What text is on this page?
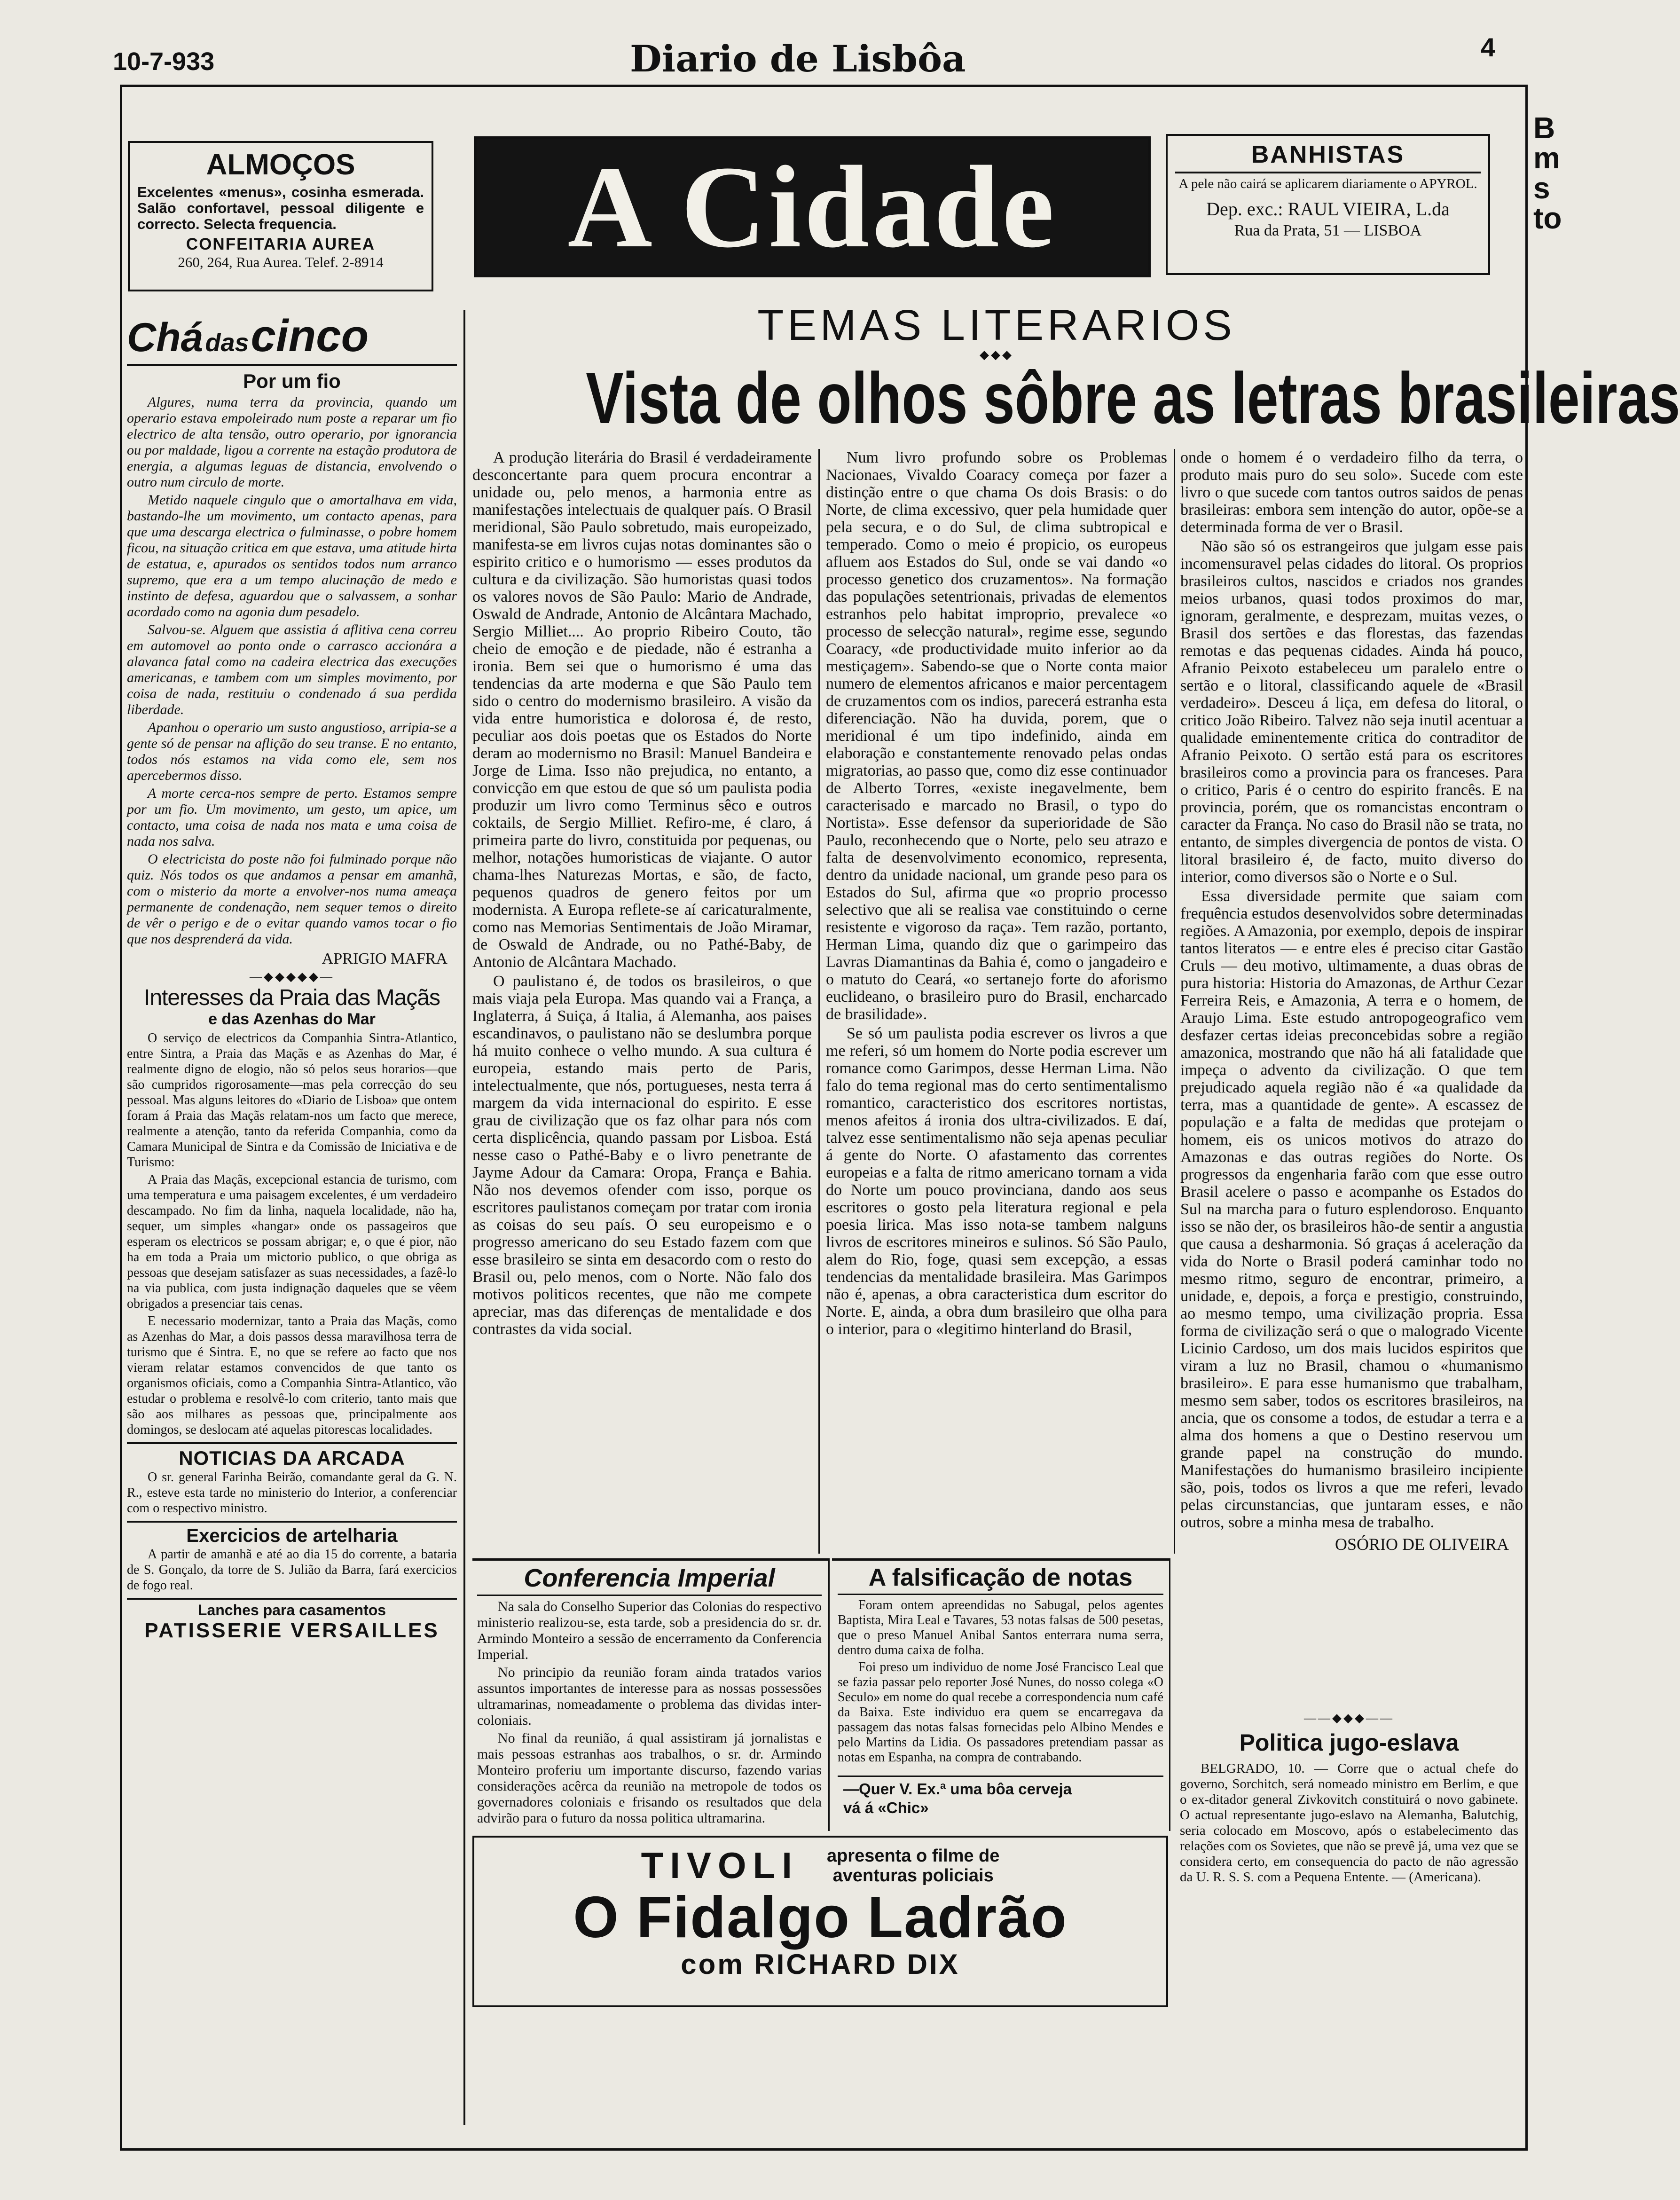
10-7-933	Diario de Lisbôa	4
B
m
s
to
ALMOÇOS
Excelentes «menus», cosinha esmerada. Salão confortavel, pessoal diligente e correcto. Selecta frequencia.
CONFEITARIA AUREA
260, 264, Rua Aurea. Telef. 2-8914	A Cidade	BANHISTAS
A pele não cairá se aplicarem diariamente o APYROL.
Dep. exc.: RAUL VIEIRA, L.da
Rua da Prata, 51 — LISBOA
Chá das cinco
Por um fio

Algures, numa terra da provincia, quando um operario estava empoleirado num poste a reparar um fio electrico de alta tensão, outro operario, por ignorancia ou por maldade, ligou a corrente na estação produtora de energia, a algumas leguas de distancia, envolvendo o outro num circulo de morte.

Metido naquele cingulo que o amortalhava em vida, bastando-lhe um movimento, um contacto apenas, para que uma descarga electrica o fulminasse, o pobre homem ficou, na situação critica em que estava, uma atitude hirta de estatua, e, apurados os sentidos todos num arranco supremo, que era a um tempo alucinação de medo e instinto de defesa, aguardou que o salvassem, a sonhar acordado como na agonia dum pesadelo.

Salvou-se. Alguem que assistia á aflitiva cena correu em automovel ao ponto onde o carrasco accionára a alavanca fatal como na cadeira electrica das execuções americanas, e tambem com um simples movimento, por coisa de nada, restituiu o condenado á sua perdida liberdade.

Apanhou o operario um susto angustioso, arripia-se a gente só de pensar na aflição do seu transe. E no entanto, todos nós estamos na vida como ele, sem nos apercebermos disso.

A morte cerca-nos sempre de perto. Estamos sempre por um fio. Um movimento, um gesto, um apice, um contacto, uma coisa de nada nos mata e uma coisa de nada nos salva.

O electricista do poste não foi fulminado porque não quiz. Nós todos os que andamos a pensar em amanhã, com o misterio da morte a envolver-nos numa ameaça permanente de condenação, nem sequer temos o direito de vêr o perigo e de o evitar quando vamos tocar o fio que nos desprenderá da vida.

APRIGIO MAFRA
—◆◆◆◆◆—
Interesses da Praia das Maçãs
e das Azenhas do Mar

O serviço de electricos da Companhia Sintra-Atlantico, entre Sintra, a Praia das Maçãs e as Azenhas do Mar, é realmente digno de elogio, não só pelos seus horarios—que são cumpridos rigorosamente—mas pela correcção do seu pessoal. Mas alguns leitores do «Diario de Lisboa» que ontem foram á Praia das Maçãs relatam-nos um facto que merece, realmente a atenção, tanto da referida Companhia, como da Camara Municipal de Sintra e da Comissão de Iniciativa e de Turismo:

A Praia das Maçãs, excepcional estancia de turismo, com uma temperatura e uma paisagem excelentes, é um verdadeiro descampado. No fim da linha, naquela localidade, não ha, sequer, um simples «hangar» onde os passageiros que esperam os electricos se possam abrigar; e, o que é pior, não ha em toda a Praia um mictorio publico, o que obriga as pessoas que desejam satisfazer as suas necessidades, a fazê-lo na via publica, com justa indignação daqueles que se vêem obrigados a presenciar tais cenas.

E necessario modernizar, tanto a Praia das Maçãs, como as Azenhas do Mar, a dois passos dessa maravilhosa terra de turismo que é Sintra. E, no que se refere ao facto que nos vieram relatar estamos convencidos de que tanto os organismos oficiais, como a Companhia Sintra-Atlantico, vão estudar o problema e resolvê-lo com criterio, tanto mais que são aos milhares as pessoas que, principalmente aos domingos, se deslocam até aquelas pitorescas localidades.

NOTICIAS DA ARCADA

O sr. general Farinha Beirão, comandante geral da G. N. R., esteve esta tarde no ministerio do Interior, a conferenciar com o respectivo ministro.

Exercicios de artelharia

A partir de amanhã e até ao dia 15 do corrente, a bataria de S. Gonçalo, da torre de S. Julião da Barra, fará exercicios de fogo real.

Lanches para casamentos
PATISSERIE VERSAILLES
TEMAS LITERARIOS
◆◆◆
Vista de olhos sôbre as letras brasileiras

A produção literária do Brasil é verdadeiramente desconcertante para quem procura encontrar a unidade ou, pelo menos, a harmonia entre as manifestações intelectuais de qualquer país. O Brasil meridional, São Paulo sobretudo, mais europeizado, manifesta-se em livros cujas notas dominantes são o espirito critico e o humorismo — esses produtos da cultura e da civilização. São humoristas quasi todos os valores novos de São Paulo: Mario de Andrade, Oswald de Andrade, Antonio de Alcântara Machado, Sergio Milliet.... Ao proprio Ribeiro Couto, tão cheio de emoção e de piedade, não é estranha a ironia. Bem sei que o humorismo é uma das tendencias da arte moderna e que São Paulo tem sido o centro do modernismo brasileiro. A visão da vida entre humoristica e dolorosa é, de resto, peculiar aos dois poetas que os Estados do Norte deram ao modernismo no Brasil: Manuel Bandeira e Jorge de Lima. Isso não prejudica, no entanto, a convicção em que estou de que só um paulista podia produzir um livro como Terminus sêco e outros coktails, de Sergio Milliet. Refiro-me, é claro, á primeira parte do livro, constituida por pequenas, ou melhor, notações humoristicas de viajante. O autor chama-lhes Naturezas Mortas, e são, de facto, pequenos quadros de genero feitos por um modernista. A Europa reflete-se aí caricaturalmente, como nas Memorias Sentimentais de João Miramar, de Oswald de Andrade, ou no Pathé-Baby, de Antonio de Alcântara Machado.

O paulistano é, de todos os brasileiros, o que mais viaja pela Europa. Mas quando vai a França, a Inglaterra, á Suiça, á Italia, á Alemanha, aos paises escandinavos, o paulistano não se deslumbra porque há muito conhece o velho mundo. A sua cultura é europeia, estando mais perto de Paris, intelectualmente, que nós, portugueses, nesta terra á margem da vida internacional do espirito. E esse grau de civilização que os faz olhar para nós com certa displicência, quando passam por Lisboa. Está nesse caso o Pathé-Baby e o livro penetrante de Jayme Adour da Camara: Oropa, França e Bahia. Não nos devemos ofender com isso, porque os escritores paulistanos começam por tratar com ironia as coisas do seu país. O seu europeismo e o progresso americano do seu Estado fazem com que esse brasileiro se sinta em desacordo com o resto do Brasil ou, pelo menos, com o Norte. Não falo dos motivos politicos recentes, que não me compete apreciar, mas das diferenças de mentalidade e dos contrastes da vida social.

Num livro profundo sobre os Problemas Nacionaes, Vivaldo Coaracy começa por fazer a distinção entre o que chama Os dois Brasis: o do Norte, de clima excessivo, quer pela humidade quer pela secura, e o do Sul, de clima subtropical e temperado. Como o meio é propicio, os europeus afluem aos Estados do Sul, onde se vai dando «o processo genetico dos cruzamentos». Na formação das populações setentrionais, privadas de elementos estranhos pelo habitat improprio, prevalece «o processo de selecção natural», regime esse, segundo Coaracy, «de productividade muito inferior ao da mestiçagem». Sabendo-se que o Norte conta maior numero de elementos africanos e maior percentagem de cruzamentos com os indios, parecerá estranha esta diferenciação. Não ha duvida, porem, que o meridional é um tipo indefinido, ainda em elaboração e constantemente renovado pelas ondas migratorias, ao passo que, como diz esse continuador de Alberto Torres, «existe inegavelmente, bem caracterisado e marcado no Brasil, o typo do Nortista». Esse defensor da superioridade de São Paulo, reconhecendo que o Norte, pelo seu atrazo e falta de desenvolvimento economico, representa, dentro da unidade nacional, um grande peso para os Estados do Sul, afirma que «o proprio processo selectivo que ali se realisa vae constituindo o cerne resistente e vigoroso da raça». Tem razão, portanto, Herman Lima, quando diz que o garimpeiro das Lavras Diamantinas da Bahia é, como o jangadeiro e o matuto do Ceará, «o sertanejo forte do aforismo euclideano, o brasileiro puro do Brasil, encharcado de brasilidade».

Se só um paulista podia escrever os livros a que me referi, só um homem do Norte podia escrever um romance como Garimpos, desse Herman Lima. Não falo do tema regional mas do certo sentimentalismo romantico, caracteristico dos escritores nortistas, menos afeitos á ironia dos ultra-civilizados. E daí, talvez esse sentimentalismo não seja apenas peculiar á gente do Norte. O afastamento das correntes europeias e a falta de ritmo americano tornam a vida do Norte um pouco provinciana, dando aos seus escritores o gosto pela literatura regional e pela poesia lirica. Mas isso nota-se tambem nalguns livros de escritores mineiros e sulinos. Só São Paulo, alem do Rio, foge, quasi sem excepção, a essas tendencias da mentalidade brasileira. Mas Garimpos não é, apenas, a obra caracteristica dum escritor do Norte. E, ainda, a obra dum brasileiro que olha para o interior, para o «legitimo hinterland do Brasil,

onde o homem é o verdadeiro filho da terra, o produto mais puro do seu solo». Sucede com este livro o que sucede com tantos outros saidos de penas brasileiras: embora sem intenção do autor, opõe-se a determinada forma de ver o Brasil.

Não são só os estrangeiros que julgam esse pais incomensuravel pelas cidades do litoral. Os proprios brasileiros cultos, nascidos e criados nos grandes meios urbanos, quasi todos proximos do mar, ignoram, geralmente, e desprezam, muitas vezes, o Brasil dos sertões e das florestas, das fazendas remotas e das pequenas cidades. Ainda há pouco, Afranio Peixoto estabeleceu um paralelo entre o sertão e o litoral, classificando aquele de «Brasil verdadeiro». Desceu á liça, em defesa do litoral, o critico João Ribeiro. Talvez não seja inutil acentuar a qualidade eminentemente critica do contraditor de Afranio Peixoto. O sertão está para os escritores brasileiros como a provincia para os franceses. Para o critico, Paris é o centro do espirito francês. E na provincia, porém, que os romancistas encontram o caracter da França. No caso do Brasil não se trata, no entanto, de simples divergencia de pontos de vista. O litoral brasileiro é, de facto, muito diverso do interior, como diversos são o Norte e o Sul.

Essa diversidade permite que saiam com frequência estudos desenvolvidos sobre determinadas regiões. A Amazonia, por exemplo, depois de inspirar tantos literatos — e entre eles é preciso citar Gastão Cruls — deu motivo, ultimamente, a duas obras de pura historia: Historia do Amazonas, de Arthur Cezar Ferreira Reis, e Amazonia, A terra e o homem, de Araujo Lima. Este estudo antropogeografico vem desfazer certas ideias preconcebidas sobre a região amazonica, mostrando que não há ali fatalidade que impeça o advento da civilização. O que tem prejudicado aquela região não é «a qualidade da terra, mas a quantidade de gente». A escassez de população e a falta de medidas que protejam o homem, eis os unicos motivos do atrazo do Amazonas e das outras regiões do Norte. Os progressos da engenharia farão com que esse outro Brasil acelere o passo e acompanhe os Estados do Sul na marcha para o futuro esplendoroso. Enquanto isso se não der, os brasileiros hão-de sentir a angustia que causa a desharmonia. Só graças á aceleração da vida do Norte o Brasil poderá caminhar todo no mesmo ritmo, seguro de encontrar, primeiro, a unidade, e, depois, a força e prestigio, construindo, ao mesmo tempo, uma civilização propria. Essa forma de civilização será o que o malogrado Vicente Licinio Cardoso, um dos mais lucidos espiritos que viram a luz no Brasil, chamou o «humanismo brasileiro». E para esse humanismo que trabalham, mesmo sem saber, todos os escritores brasileiros, na ancia, que os consome a todos, de estudar a terra e a alma dos homens a que o Destino reservou um grande papel na construção do mundo. Manifestações do humanismo brasileiro incipiente são, pois, todos os livros a que me referi, levado pelas circunstancias, que juntaram esses, e não outros, sobre a minha mesa de trabalho.

OSÓRIO DE OLIVEIRA
Conferencia Imperial

Na sala do Conselho Superior das Colonias do respectivo ministerio realizou-se, esta tarde, sob a presidencia do sr. dr. Armindo Monteiro a sessão de encerramento da Conferencia Imperial.

No principio da reunião foram ainda tratados varios assuntos importantes de interesse para as nossas possessões ultramarinas, nomeadamente o problema das dividas inter-coloniais.

No final da reunião, á qual assistiram já jornalistas e mais pessoas estranhas aos trabalhos, o sr. dr. Armindo Monteiro proferiu um importante discurso, fazendo varias considerações acêrca da reunião na metropole de todos os governadores coloniais e frisando os resultados que dela advirão para o futuro da nossa politica ultramarina.

A falsificação de notas

Foram ontem apreendidas no Sabugal, pelos agentes Baptista, Mira Leal e Tavares, 53 notas falsas de 500 pesetas, que o preso Manuel Anibal Santos enterrara numa serra, dentro duma caixa de folha.

Foi preso um individuo de nome José Francisco Leal que se fazia passar pelo reporter José Nunes, do nosso colega «O Seculo» em nome do qual recebe a correspondencia num café da Baixa. Este individuo era quem se encarregava da passagem das notas falsas fornecidas pelo Albino Mendes e pelo Martins da Lidia. Os passadores pretendiam passar as notas em Espanha, na compra de contrabando.

—Quer V. Ex.ª uma bôa cerveja
vá á «Chic»
TIVOLI apresenta o filme de
aventuras policiais
O Fidalgo Ladrão
com RICHARD DIX
——◆◆◆——
Politica jugo-eslava

BELGRADO, 10. — Corre que o actual chefe do governo, Sorchitch, será nomeado ministro em Berlim, e que o ex-ditador general Zivkovitch constituirá o novo gabinete. O actual representante jugo-eslavo na Alemanha, Balutchig, seria colocado em Moscovo, após o estabelecimento das relações com os Sovietes, que não se prevê já, uma vez que se considera certo, em consequencia do pacto de não agressão da U. R. S. S. com a Pequena Entente. — (Americana).
